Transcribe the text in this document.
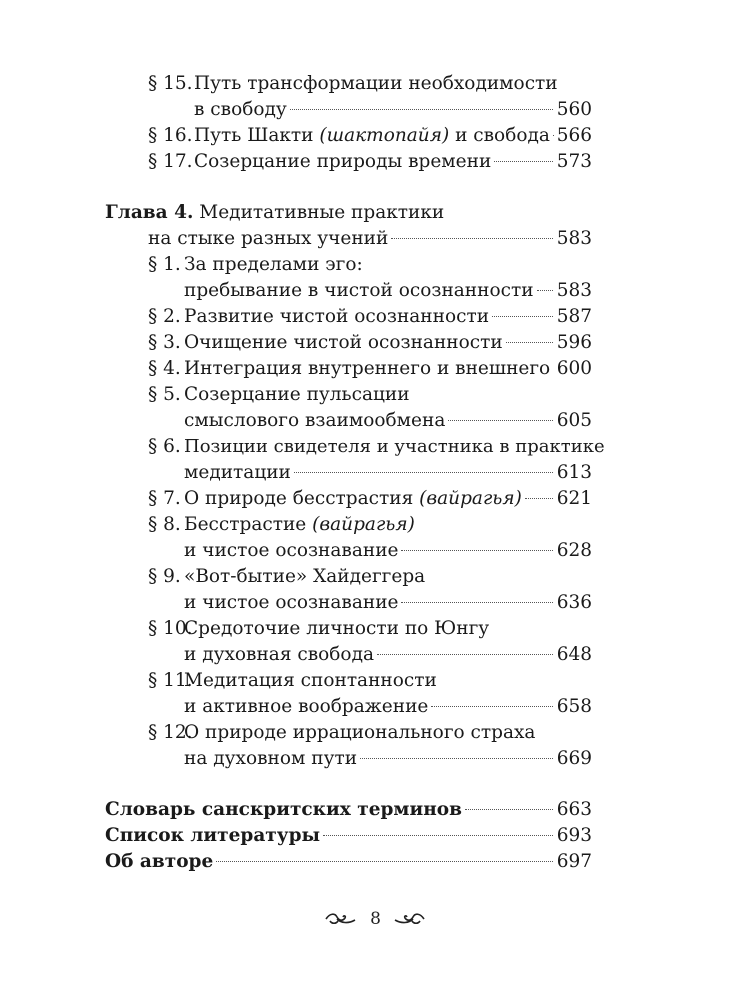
§ 15. Путь трансформации необходимости
в свободу	560
§ 16. Путь Шакти (шактопайя) и свобода 566
§ 17. Созерцание природы времени	573
Глава 4. Медитативные практики
на стыке разных учений	583
§ 1. За пределами эго:
пребывание в чистой осознанности 583
§ 2. Развитие чистой осознанности	587
§ 3. Очищение чистой осознанности	596
§ 4. Интеграция внутреннего и внешнего 600
§ 5. Созерцание пульсации
смыслового взаимообмена	605
§ 6. Позиции свидетеля и участника в практике
медитации	613
§ 7. О природе бесстрастия (вайрагья) 621
§ 8. Бесстрастие (вайрагья)
и чистое осознавание	628
§ 9. «Вот-бытие» Хайдеггера
и чистое осознавание	636
§ 10.
Средоточие личности по Юнгу
и духовная свобода	648
§ 11.
Медитация спонтанности
и активное воображение	658
§ 12.
О природе иррационального страха
на духовном пути	669
Словарь санскритских терминов	663
Список литературы	693
Об авторе	697
8
